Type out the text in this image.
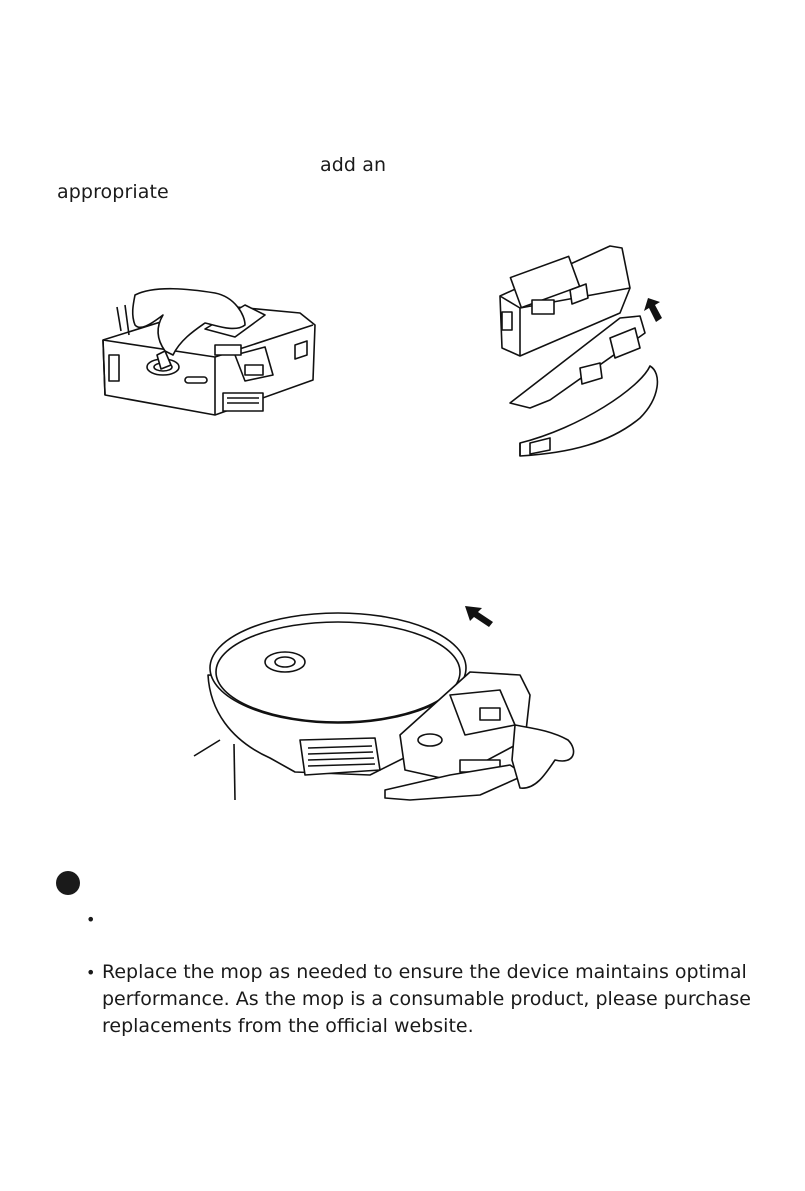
add an
appropriate
•
• Replace the mop as needed to ensure the device maintains optimal
performance. As the mop is a consumable product, please purchase
replacements from the official website.
